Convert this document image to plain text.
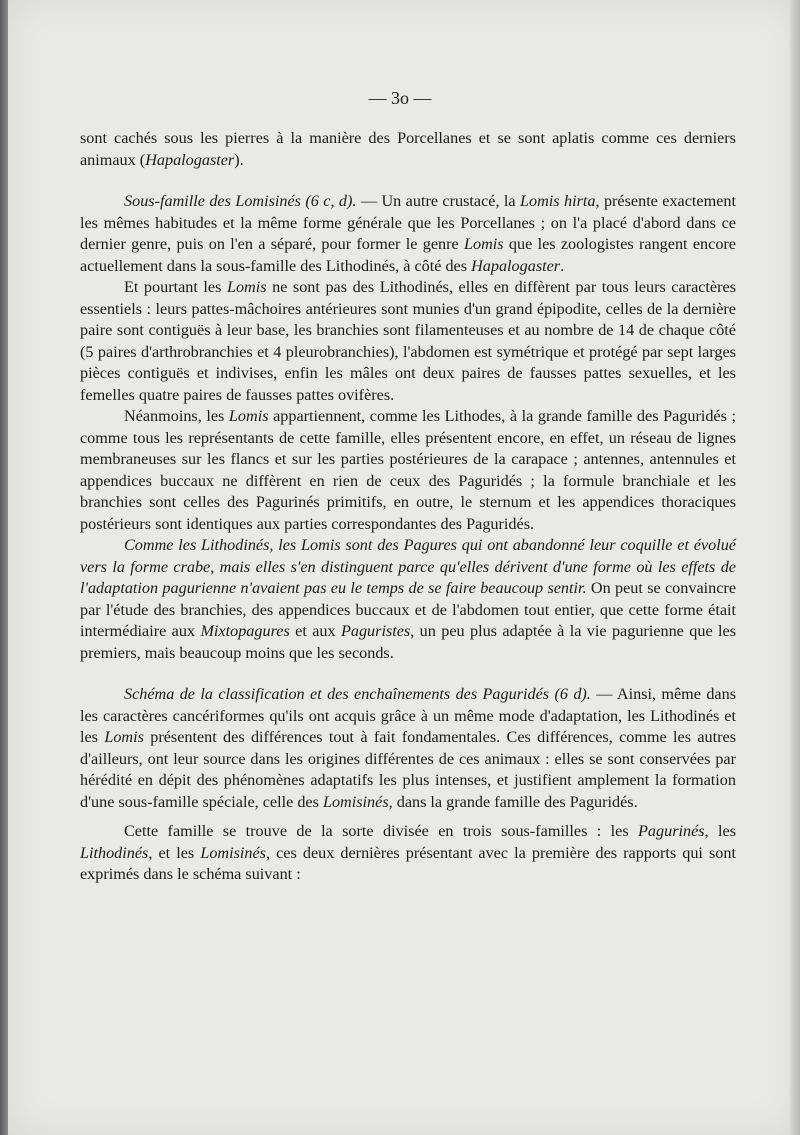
— 3o —

sont cachés sous les pierres à la manière des Porcellanes et se sont aplatis comme ces derniers animaux (Hapalogaster).

Sous-famille des Lomisinés (6 c, d). — Un autre crustacé, la Lomis hirta, présente exactement les mêmes habitudes et la même forme générale que les Porcellanes ; on l'a placé d'abord dans ce dernier genre, puis on l'en a séparé, pour former le genre Lomis que les zoologistes rangent encore actuellement dans la sous-famille des Lithodinés, à côté des Hapalogaster.

Et pourtant les Lomis ne sont pas des Lithodinés, elles en diffèrent par tous leurs caractères essentiels : leurs pattes-mâchoires antérieures sont munies d'un grand épipodite, celles de la dernière paire sont contiguës à leur base, les branchies sont filamenteuses et au nombre de 14 de chaque côté (5 paires d'arthrobranchies et 4 pleurobranchies), l'abdomen est symétrique et protégé par sept larges pièces contiguës et indivises, enfin les mâles ont deux paires de fausses pattes sexuelles, et les femelles quatre paires de fausses pattes ovifères.

Néanmoins, les Lomis appartiennent, comme les Lithodes, à la grande famille des Paguridés ; comme tous les représentants de cette famille, elles présentent encore, en effet, un réseau de lignes membraneuses sur les flancs et sur les parties postérieures de la carapace ; antennes, antennules et appendices buccaux ne diffèrent en rien de ceux des Paguridés ; la formule branchiale et les branchies sont celles des Pagurinés primitifs, en outre, le sternum et les appendices thoraciques postérieurs sont identiques aux parties correspondantes des Paguridés.

Comme les Lithodinés, les Lomis sont des Pagures qui ont abandonné leur coquille et évolué vers la forme crabe, mais elles s'en distinguent parce qu'elles dérivent d'une forme où les effets de l'adaptation pagurienne n'avaient pas eu le temps de se faire beaucoup sentir. On peut se convaincre par l'étude des branchies, des appendices buccaux et de l'abdomen tout entier, que cette forme était intermédiaire aux Mixtopagures et aux Paguristes, un peu plus adaptée à la vie pagurienne que les premiers, mais beaucoup moins que les seconds.

Schéma de la classification et des enchaînements des Paguridés (6 d). — Ainsi, même dans les caractères cancériformes qu'ils ont acquis grâce à un même mode d'adaptation, les Lithodinés et les Lomis présentent des différences tout à fait fondamentales. Ces différences, comme les autres d'ailleurs, ont leur source dans les origines différentes de ces animaux : elles se sont conservées par hérédité en dépit des phénomènes adaptatifs les plus intenses, et justifient amplement la formation d'une sous-famille spéciale, celle des Lomisinés, dans la grande famille des Paguridés.

Cette famille se trouve de la sorte divisée en trois sous-familles : les Pagurinés, les Lithodinés, et les Lomisinés, ces deux dernières présentant avec la première des rapports qui sont exprimés dans le schéma suivant :
